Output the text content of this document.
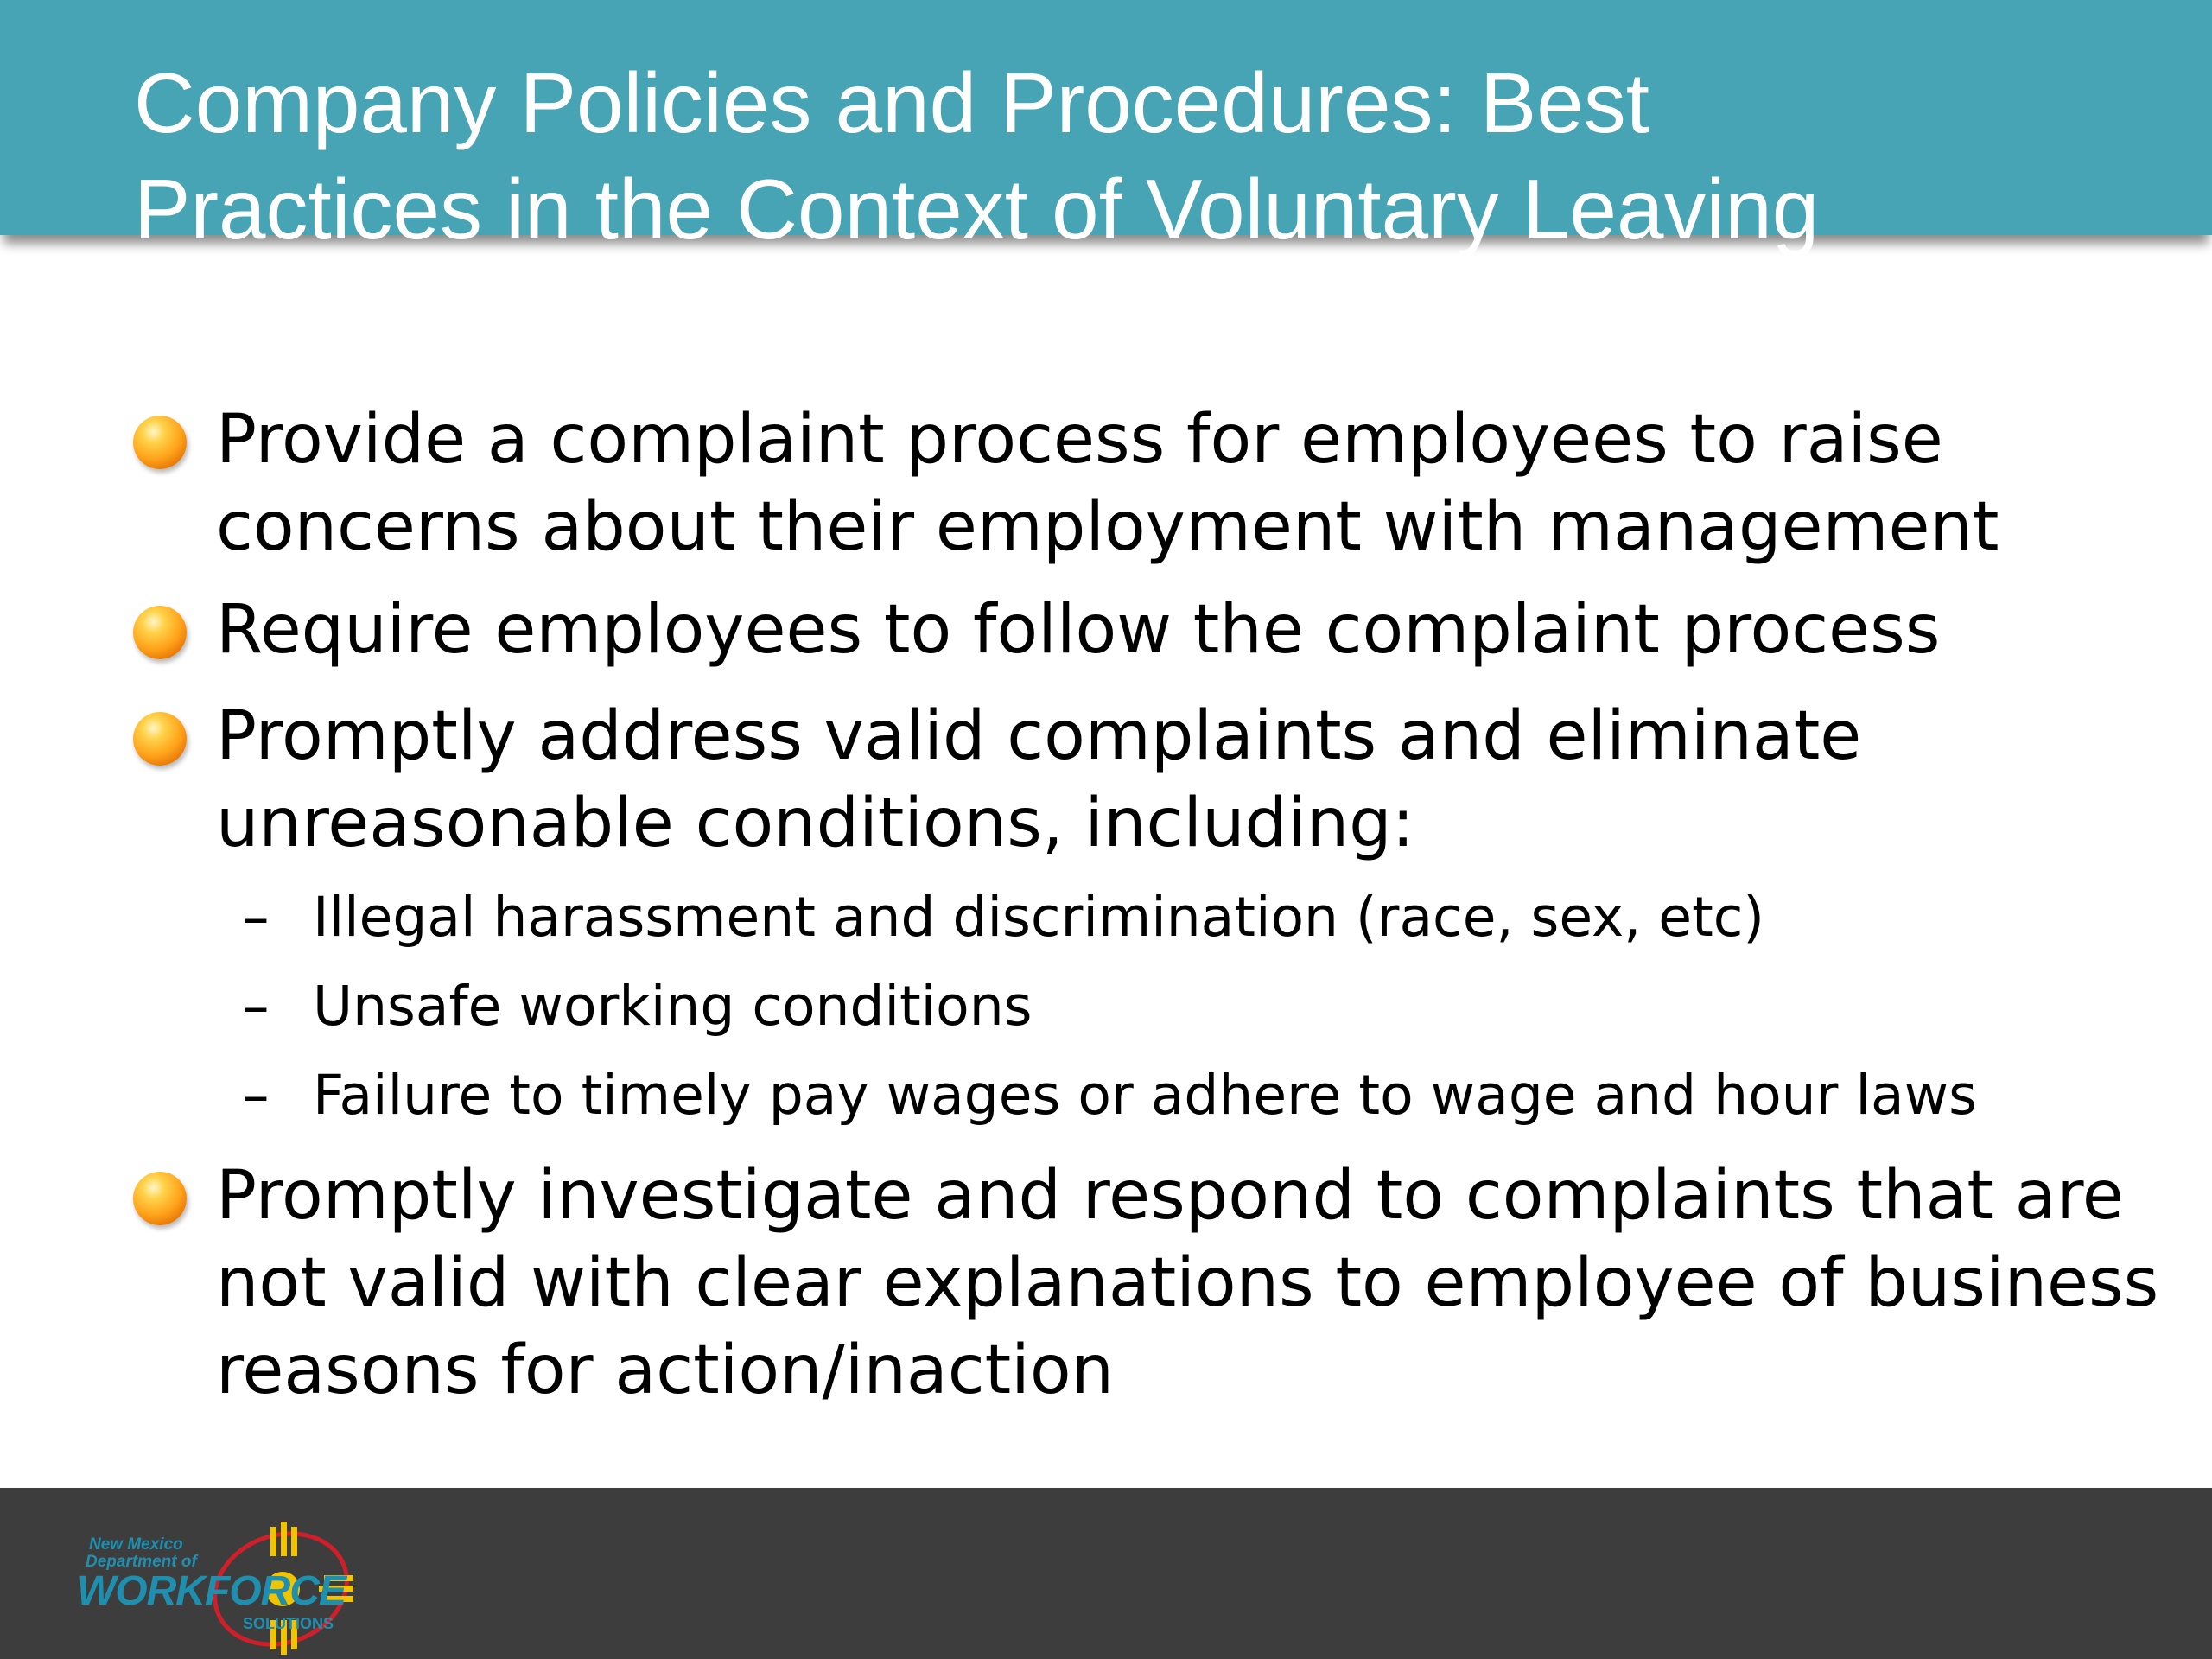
Company Policies and Procedures: Best
Practices in the Context of Voluntary Leaving
Provide a complaint process for employees to raise
concerns about their employment with management
Require employees to follow the complaint process
Promptly address valid complaints and eliminate
unreasonable conditions, including:
– Illegal harassment and discrimination (race, sex, etc)
– Unsafe working conditions
– Failure to timely pay wages or adhere to wage and hour laws
Promptly investigate and respond to complaints that are
not valid with clear explanations to employee of business
reasons for action/inaction
New Mexico
Department of
WORKFORCE
SOLUTIONS
